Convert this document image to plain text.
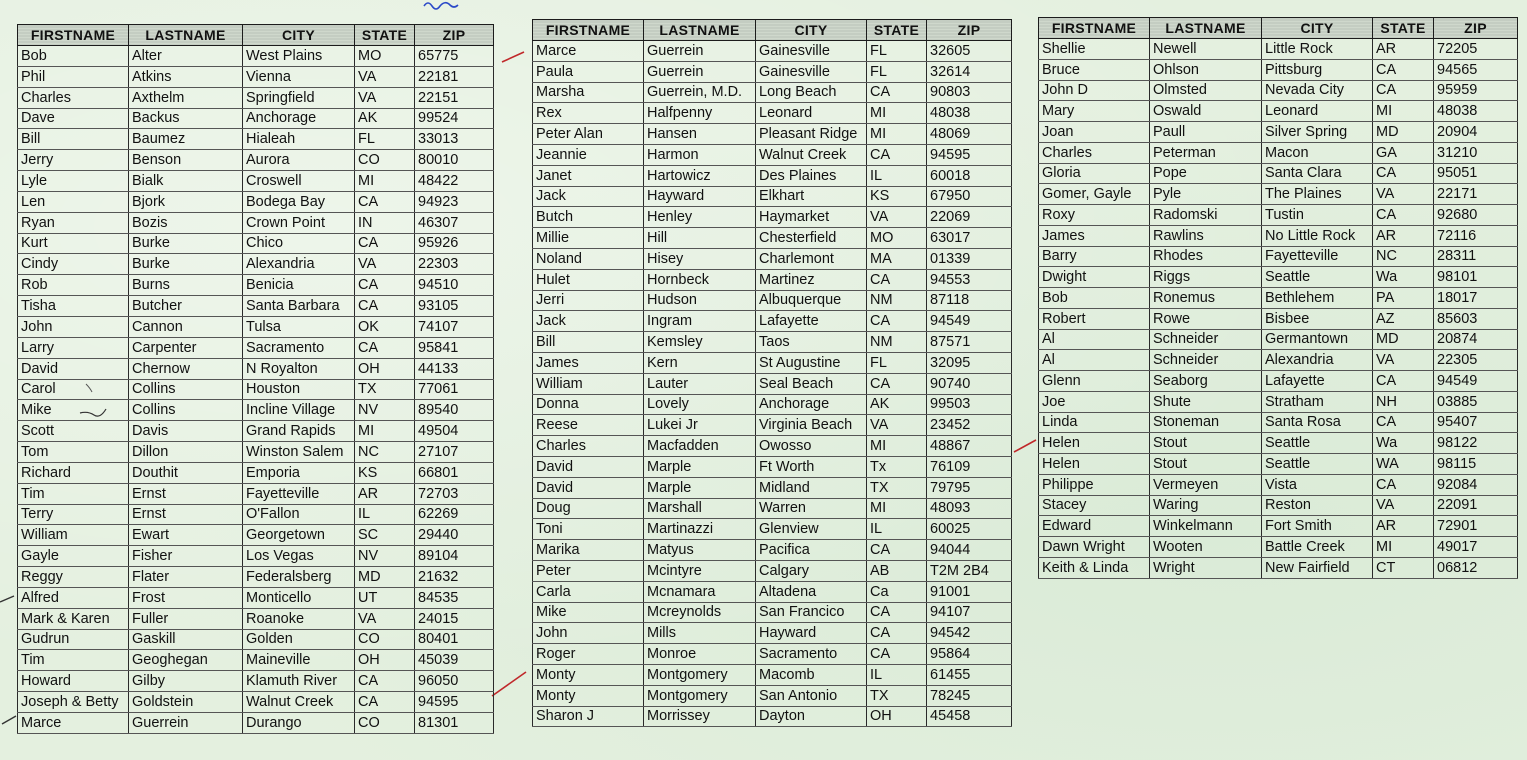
FIRSTNAME	LASTNAME	CITY	STATE	ZIP
Bob	Alter	West Plains	MO	65775
Phil	Atkins	Vienna	VA	22181
Charles	Axthelm	Springfield	VA	22151
Dave	Backus	Anchorage	AK	99524
Bill	Baumez	Hialeah	FL	33013
Jerry	Benson	Aurora	CO	80010
Lyle	Bialk	Croswell	MI	48422
Len	Bjork	Bodega Bay	CA	94923
Ryan	Bozis	Crown Point	IN	46307
Kurt	Burke	Chico	CA	95926
Cindy	Burke	Alexandria	VA	22303
Rob	Burns	Benicia	CA	94510
Tisha	Butcher	Santa Barbara	CA	93105
John	Cannon	Tulsa	OK	74107
Larry	Carpenter	Sacramento	CA	95841
David	Chernow	N Royalton	OH	44133
Carol	Collins	Houston	TX	77061
Mike	Collins	Incline Village	NV	89540
Scott	Davis	Grand Rapids	MI	49504
Tom	Dillon	Winston Salem	NC	27107
Richard	Douthit	Emporia	KS	66801
Tim	Ernst	Fayetteville	AR	72703
Terry	Ernst	O'Fallon	IL	62269
William	Ewart	Georgetown	SC	29440
Gayle	Fisher	Los Vegas	NV	89104
Reggy	Flater	Federalsberg	MD	21632
Alfred	Frost	Monticello	UT	84535
Mark & Karen	Fuller	Roanoke	VA	24015
Gudrun	Gaskill	Golden	CO	80401
Tim	Geoghegan	Maineville	OH	45039
Howard	Gilby	Klamuth River	CA	96050
Joseph & Betty	Goldstein	Walnut Creek	CA	94595
Marce	Guerrein	Durango	CO	81301
FIRSTNAME	LASTNAME	CITY	STATE	ZIP
Marce	Guerrein	Gainesville	FL	32605
Paula	Guerrein	Gainesville	FL	32614
Marsha	Guerrein, M.D.	Long Beach	CA	90803
Rex	Halfpenny	Leonard	MI	48038
Peter Alan	Hansen	Pleasant Ridge	MI	48069
Jeannie	Harmon	Walnut Creek	CA	94595
Janet	Hartowicz	Des Plaines	IL	60018
Jack	Hayward	Elkhart	KS	67950
Butch	Henley	Haymarket	VA	22069
Millie	Hill	Chesterfield	MO	63017
Noland	Hisey	Charlemont	MA	01339
Hulet	Hornbeck	Martinez	CA	94553
Jerri	Hudson	Albuquerque	NM	87118
Jack	Ingram	Lafayette	CA	94549
Bill	Kemsley	Taos	NM	87571
James	Kern	St Augustine	FL	32095
William	Lauter	Seal Beach	CA	90740
Donna	Lovely	Anchorage	AK	99503
Reese	Lukei Jr	Virginia Beach	VA	23452
Charles	Macfadden	Owosso	MI	48867
David	Marple	Ft Worth	Tx	76109
David	Marple	Midland	TX	79795
Doug	Marshall	Warren	MI	48093
Toni	Martinazzi	Glenview	IL	60025
Marika	Matyus	Pacifica	CA	94044
Peter	Mcintyre	Calgary	AB	T2M 2B4
Carla	Mcnamara	Altadena	Ca	91001
Mike	Mcreynolds	San Francico	CA	94107
John	Mills	Hayward	CA	94542
Roger	Monroe	Sacramento	CA	95864
Monty	Montgomery	Macomb	IL	61455
Monty	Montgomery	San Antonio	TX	78245
Sharon J	Morrissey	Dayton	OH	45458
FIRSTNAME	LASTNAME	CITY	STATE	ZIP
Shellie	Newell	Little Rock	AR	72205
Bruce	Ohlson	Pittsburg	CA	94565
John D	Olmsted	Nevada City	CA	95959
Mary	Oswald	Leonard	MI	48038
Joan	Paull	Silver Spring	MD	20904
Charles	Peterman	Macon	GA	31210
Gloria	Pope	Santa Clara	CA	95051
Gomer, Gayle	Pyle	The Plaines	VA	22171
Roxy	Radomski	Tustin	CA	92680
James	Rawlins	No Little Rock	AR	72116
Barry	Rhodes	Fayetteville	NC	28311
Dwight	Riggs	Seattle	Wa	98101
Bob	Ronemus	Bethlehem	PA	18017
Robert	Rowe	Bisbee	AZ	85603
Al	Schneider	Germantown	MD	20874
Al	Schneider	Alexandria	VA	22305
Glenn	Seaborg	Lafayette	CA	94549
Joe	Shute	Stratham	NH	03885
Linda	Stoneman	Santa Rosa	CA	95407
Helen	Stout	Seattle	Wa	98122
Helen	Stout	Seattle	WA	98115
Philippe	Vermeyen	Vista	CA	92084
Stacey	Waring	Reston	VA	22091
Edward	Winkelmann	Fort Smith	AR	72901
Dawn Wright	Wooten	Battle Creek	MI	49017
Keith & Linda	Wright	New Fairfield	CT	06812
